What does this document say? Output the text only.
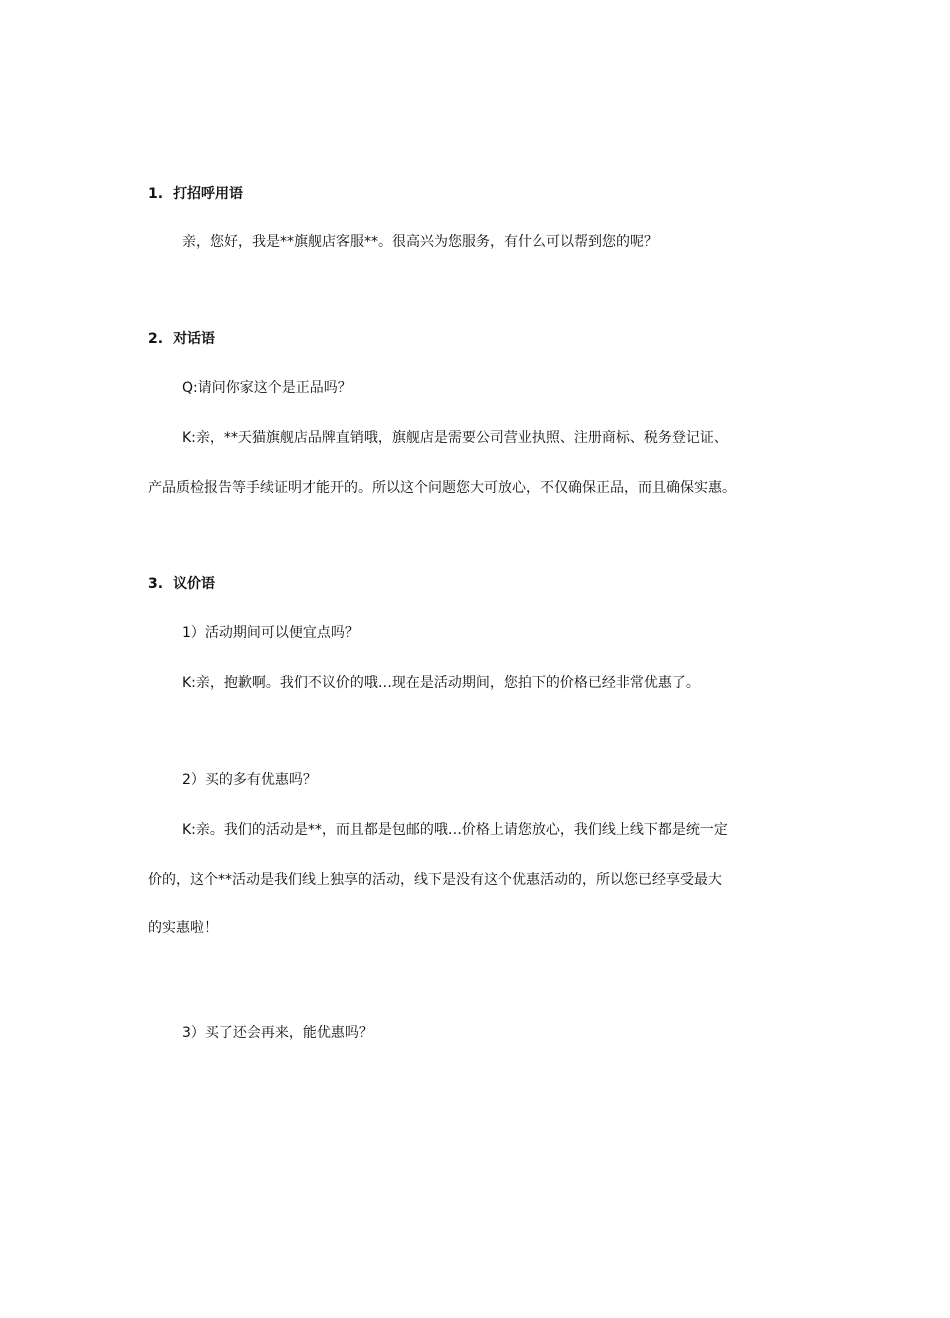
1. 打招呼用语
亲，您好，我是**旗舰店客服**。很高兴为您服务，有什么可以帮到您的呢？
2. 对话语
Q:请问你家这个是正品吗？
K:亲，**天猫旗舰店品牌直销哦，旗舰店是需要公司营业执照、注册商标、税务登记证、
产品质检报告等手续证明才能开的。所以这个问题您大可放心，不仅确保正品，而且确保实惠。
3. 议价语
1）活动期间可以便宜点吗？
K:亲，抱歉啊。我们不议价的哦…现在是活动期间，您拍下的价格已经非常优惠了。
2）买的多有优惠吗？
K:亲。我们的活动是**，而且都是包邮的哦…价格上请您放心，我们线上线下都是统一定
价的，这个**活动是我们线上独享的活动，线下是没有这个优惠活动的，所以您已经享受最大
的实惠啦！
3）买了还会再来，能优惠吗？
